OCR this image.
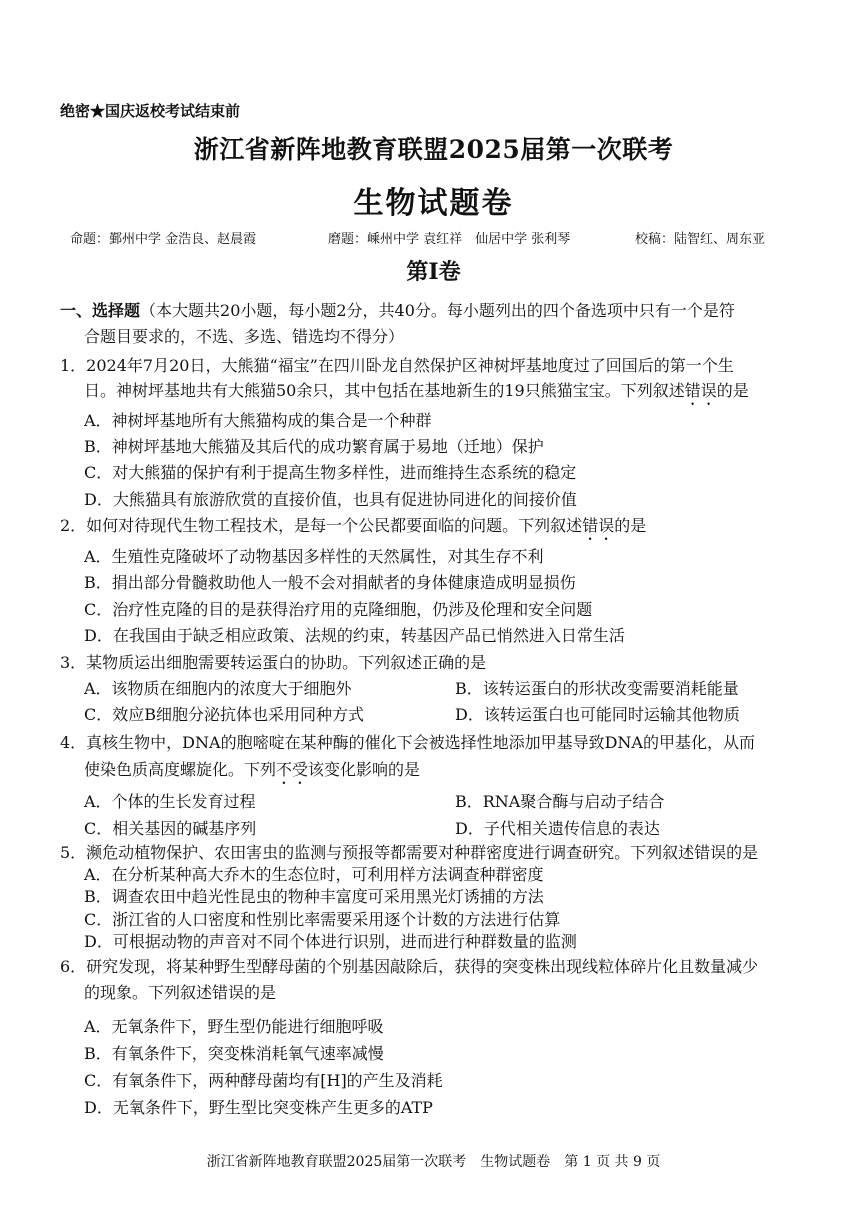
绝密★国庆返校考试结束前
浙江省新阵地教育联盟2025届第一次联考
生物试题卷
命题：鄞州中学 金浩良、赵晨霞	磨题：嵊州中学 袁红祥　仙居中学 张利琴	校稿：陆智红、周东亚
第Ⅰ卷
一、选择题（本大题共20小题，每小题2分，共40分。每小题列出的四个备选项中只有一个是符
合题目要求的，不选、多选、错选均不得分）
1．2024年7月20日，大熊猫“福宝”在四川卧龙自然保护区神树坪基地度过了回国后的第一个生
日。神树坪基地共有大熊猫50余只，其中包括在基地新生的19只熊猫宝宝。下列叙述错误的是
A．神树坪基地所有大熊猫构成的集合是一个种群
B．神树坪基地大熊猫及其后代的成功繁育属于易地（迁地）保护
C．对大熊猫的保护有利于提高生物多样性，进而维持生态系统的稳定
D．大熊猫具有旅游欣赏的直接价值，也具有促进协同进化的间接价值
2．如何对待现代生物工程技术，是每一个公民都要面临的问题。下列叙述错误的是
A．生殖性克隆破坏了动物基因多样性的天然属性，对其生存不利
B．捐出部分骨髓救助他人一般不会对捐献者的身体健康造成明显损伤
C．治疗性克隆的目的是获得治疗用的克隆细胞，仍涉及伦理和安全问题
D．在我国由于缺乏相应政策、法规的约束，转基因产品已悄然进入日常生活
3．某物质运出细胞需要转运蛋白的协助。下列叙述正确的是
A．该物质在细胞内的浓度大于细胞外	B．该转运蛋白的形状改变需要消耗能量
C．效应B细胞分泌抗体也采用同种方式	D．该转运蛋白也可能同时运输其他物质
4．真核生物中，DNA的胞嘧啶在某种酶的催化下会被选择性地添加甲基导致DNA的甲基化，从而
使染色质高度螺旋化。下列不受该变化影响的是
A．个体的生长发育过程	B．RNA聚合酶与启动子结合
C．相关基因的碱基序列	D．子代相关遗传信息的表达
5．濒危动植物保护、农田害虫的监测与预报等都需要对种群密度进行调查研究。下列叙述错误的是
A．在分析某种高大乔木的生态位时，可利用样方法调查种群密度
B．调查农田中趋光性昆虫的物种丰富度可采用黑光灯诱捕的方法
C．浙江省的人口密度和性别比率需要采用逐个计数的方法进行估算
D．可根据动物的声音对不同个体进行识别，进而进行种群数量的监测
6．研究发现，将某种野生型酵母菌的个别基因敲除后，获得的突变株出现线粒体碎片化且数量减少
的现象。下列叙述错误的是
A．无氧条件下，野生型仍能进行细胞呼吸
B．有氧条件下，突变株消耗氧气速率减慢
C．有氧条件下，两种酵母菌均有[H]的产生及消耗
D．无氧条件下，野生型比突变株产生更多的ATP
浙江省新阵地教育联盟2025届第一次联考　生物试题卷　第 1 页 共 9 页
